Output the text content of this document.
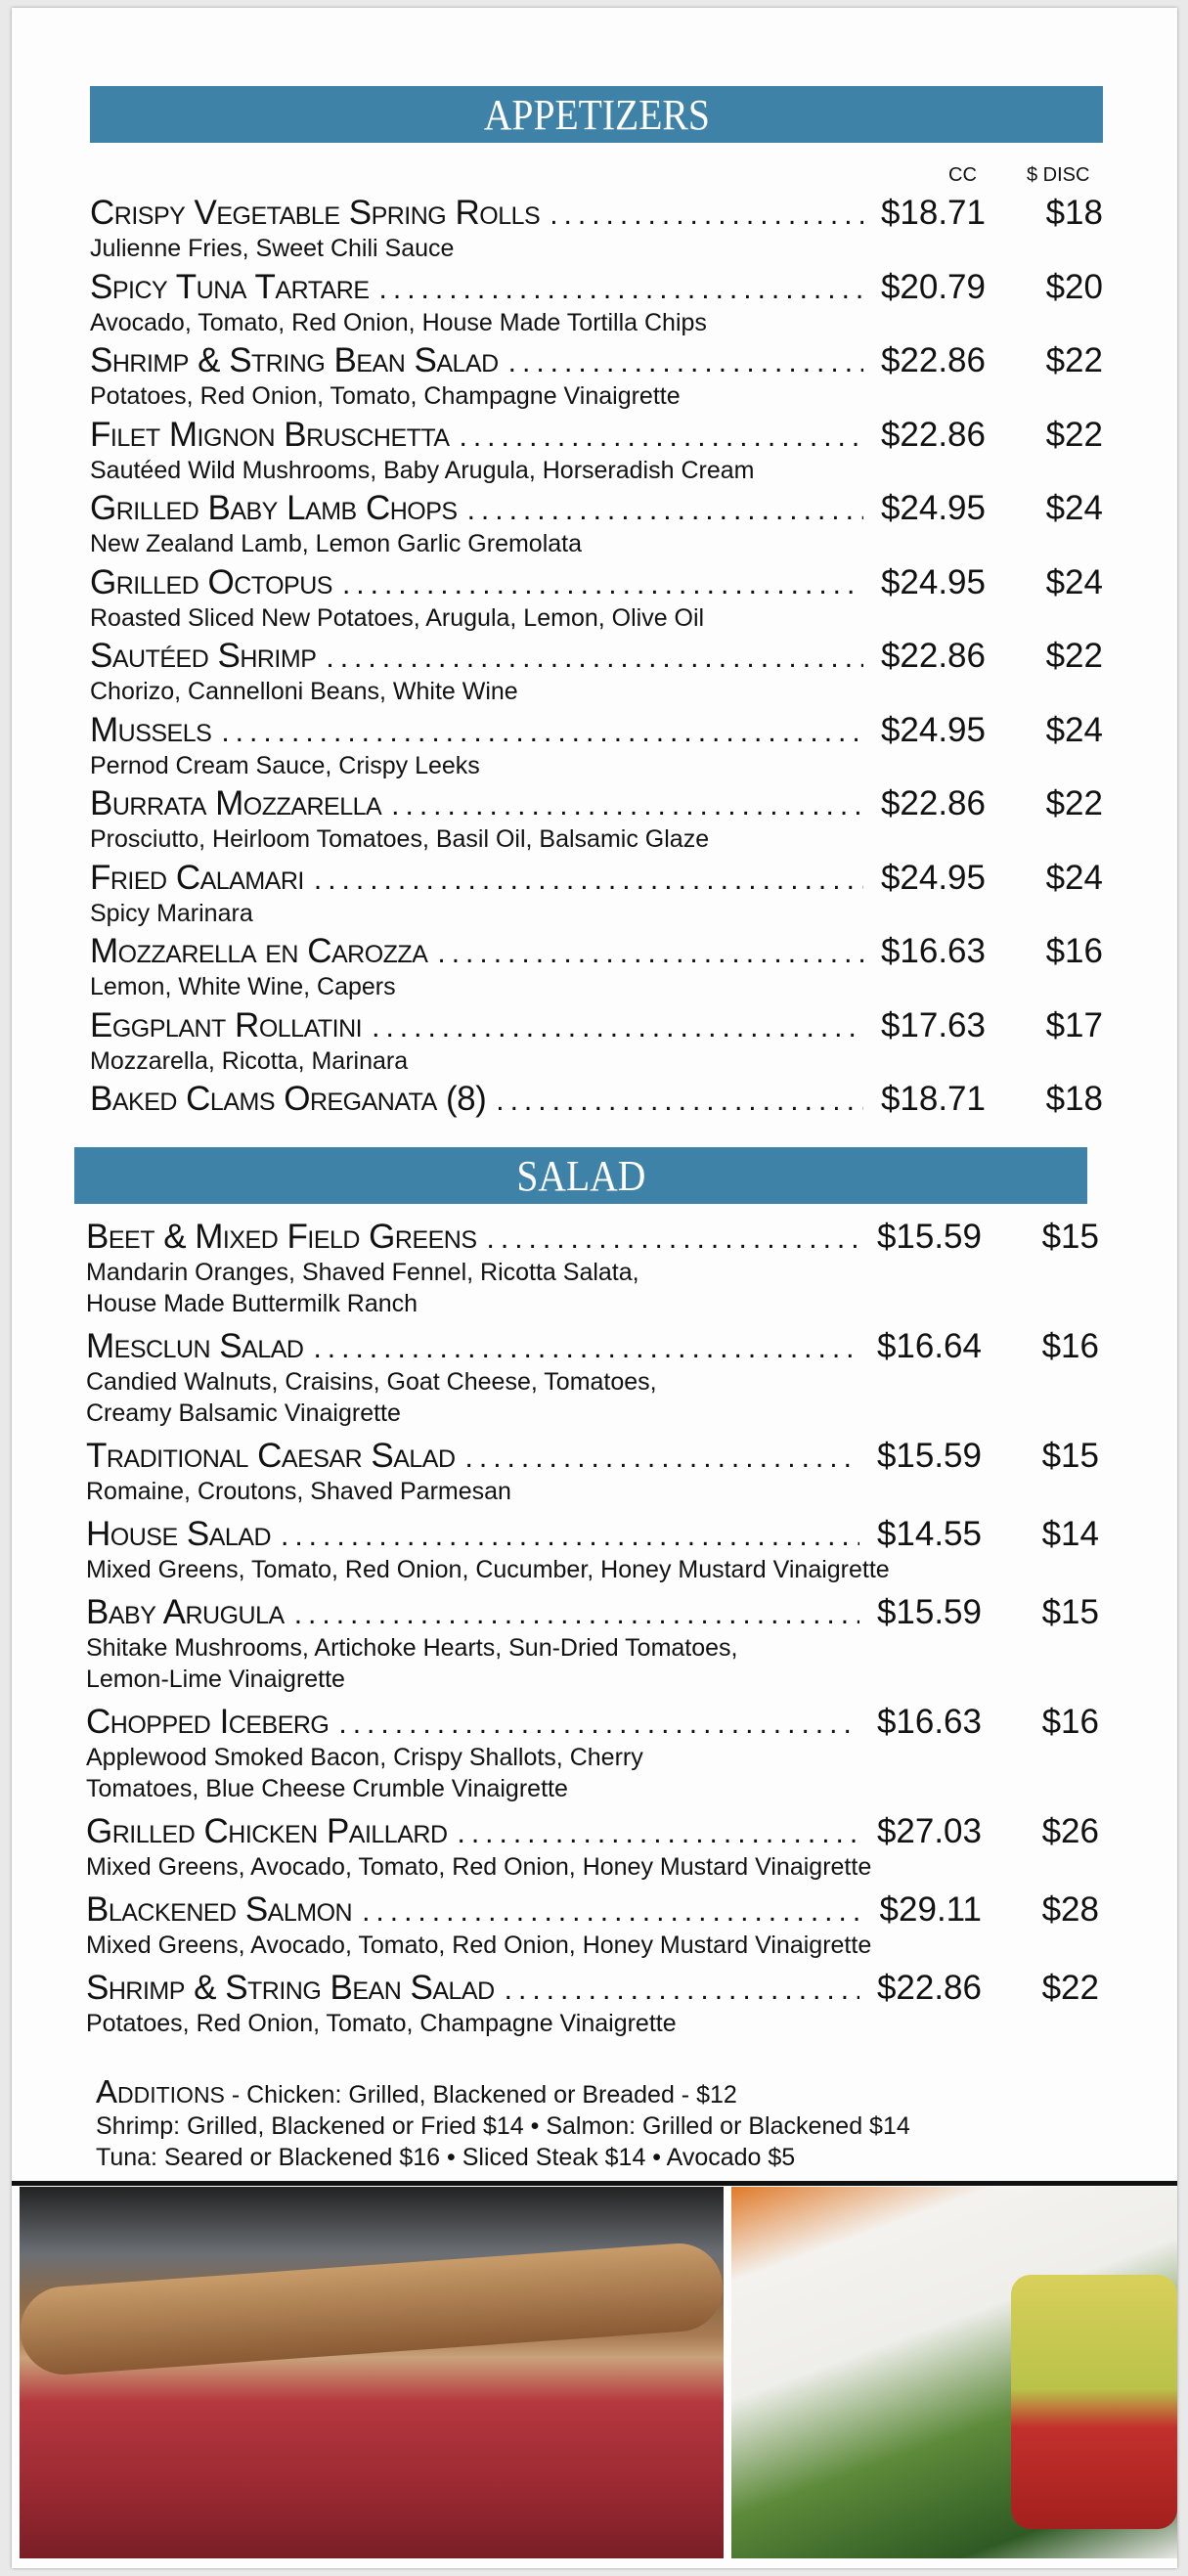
APPETIZERS
CC	$ DISC
Crispy Vegetable Spring Rolls .....	$18.71	$18
Julienne Fries, Sweet Chili Sauce
Spicy Tuna Tartare .....	$20.79	$20
Avocado, Tomato, Red Onion, House Made Tortilla Chips
Shrimp & String Bean Salad .....	$22.86	$22
Potatoes, Red Onion, Tomato, Champagne Vinaigrette
Filet Mignon Bruschetta .....	$22.86	$22
Sautéed Wild Mushrooms, Baby Arugula, Horseradish Cream
Grilled Baby Lamb Chops .....	$24.95	$24
New Zealand Lamb, Lemon Garlic Gremolata
Grilled Octopus .....	$24.95	$24
Roasted Sliced New Potatoes, Arugula, Lemon, Olive Oil
Sautéed Shrimp .....	$22.86	$22
Chorizo, Cannelloni Beans, White Wine
Mussels .....	$24.95	$24
Pernod Cream Sauce, Crispy Leeks
Burrata Mozzarella .....	$22.86	$22
Prosciutto, Heirloom Tomatoes, Basil Oil, Balsamic Glaze
Fried Calamari .....	$24.95	$24
Spicy Marinara
Mozzarella en Carozza .....	$16.63	$16
Lemon, White Wine, Capers
Eggplant Rollatini .....	$17.63	$17
Mozzarella, Ricotta, Marinara
Baked Clams Oreganata (8) .....	$18.71	$18
SALAD
Beet & Mixed Field Greens .....	$15.59	$15
Mandarin Oranges, Shaved Fennel, Ricotta Salata,
House Made Buttermilk Ranch
Mesclun Salad .....	$16.64	$16
Candied Walnuts, Craisins, Goat Cheese, Tomatoes,
Creamy Balsamic Vinaigrette
Traditional Caesar Salad .....	$15.59	$15
Romaine, Croutons, Shaved Parmesan
House Salad .....	$14.55	$14
Mixed Greens, Tomato, Red Onion, Cucumber, Honey Mustard Vinaigrette
Baby Arugula .....	$15.59	$15
Shitake Mushrooms, Artichoke Hearts, Sun-Dried Tomatoes,
Lemon-Lime Vinaigrette
Chopped Iceberg .....	$16.63	$16
Applewood Smoked Bacon, Crispy Shallots, Cherry
Tomatoes, Blue Cheese Crumble Vinaigrette
Grilled Chicken Paillard .....	$27.03	$26
Mixed Greens, Avocado, Tomato, Red Onion, Honey Mustard Vinaigrette
Blackened Salmon .....	$29.11	$28
Mixed Greens, Avocado, Tomato, Red Onion, Honey Mustard Vinaigrette
Shrimp & String Bean Salad .....	$22.86	$22
Potatoes, Red Onion, Tomato, Champagne Vinaigrette
Additions - Chicken: Grilled, Blackened or Breaded - $12
Shrimp: Grilled, Blackened or Fried $14 • Salmon: Grilled or Blackened $14
Tuna: Seared or Blackened $16 • Sliced Steak $14 • Avocado $5
